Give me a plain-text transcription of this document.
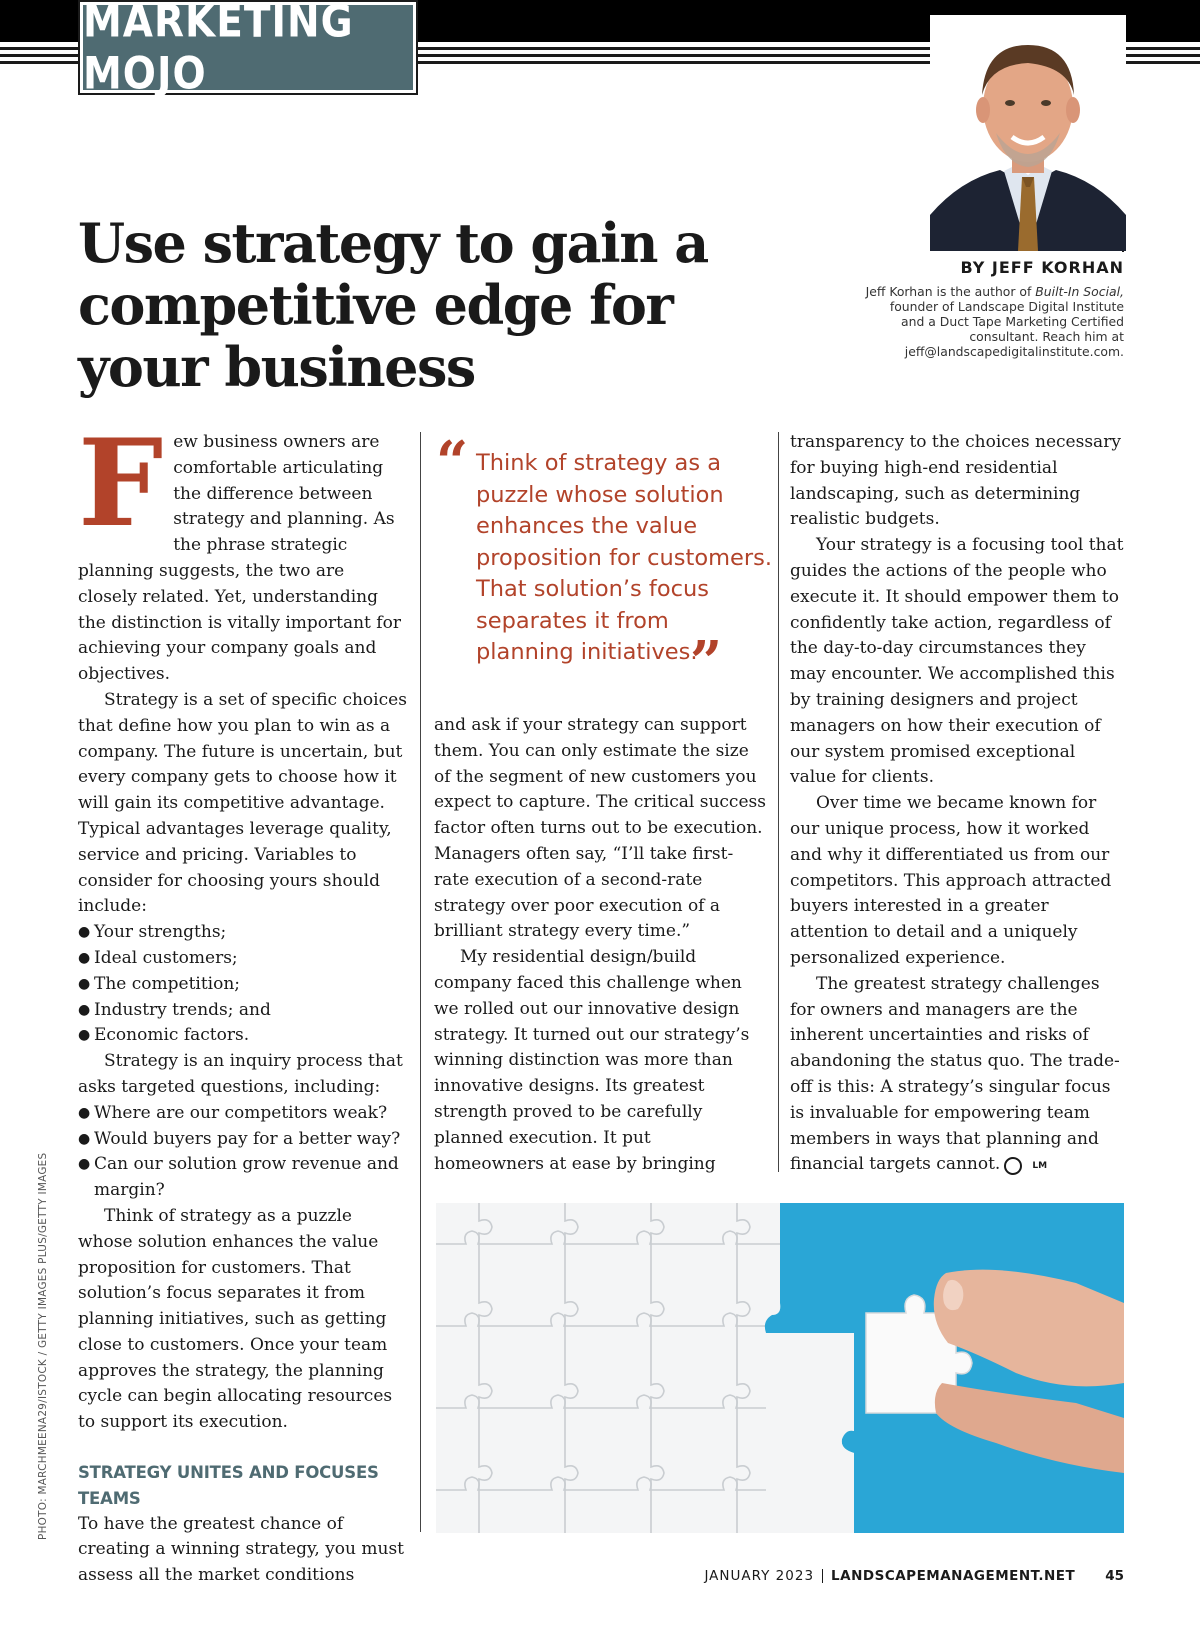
MARKETING MOJO
BY JEFF KORHAN
Jeff Korhan is the author of Built-In Social, founder of Landscape Digital Institute and a Duct Tape Marketing Certified consultant. Reach him at jeff@landscapedigitalinstitute.com.
Use strategy to gain a competitive edge for your business
F ew business owners are comfortable articulating the difference between strategy and planning. As the phrase strategic planning suggests, the two are closely related. Yet, understanding the distinction is vitally important for achieving your company goals and objectives.

Strategy is a set of specific choices that define how you plan to win as a company. The future is uncertain, but every company gets to choose how it will gain its competitive advantage. Typical advantages leverage quality, service and pricing. Variables to consider for choosing yours should include:

● Your strengths;
● Ideal customers;
● The competition;
● Industry trends; and
● Economic factors.

Strategy is an inquiry process that asks targeted questions, including:

● Where are our competitors weak?
● Would buyers pay for a better way?
● Can our solution grow revenue and margin?

Think of strategy as a puzzle whose solution enhances the value proposition for customers. That solution’s focus separates it from planning initiatives, such as getting close to customers. Once your team approves the strategy, the planning cycle can begin allocating resources to support its execution.

STRATEGY UNITES AND FOCUSES TEAMS

To have the greatest chance of creating a winning strategy, you must assess all the market conditions

“ Think of strategy as a puzzle whose solution enhances the value proposition for customers. That solution’s focus separates it from planning initiatives.
”

and ask if your strategy can support them. You can only estimate the size of the segment of new customers you expect to capture. The critical success factor often turns out to be execution. Managers often say, “I’ll take first-rate execution of a second-rate strategy over poor execution of a brilliant strategy every time.”

My residential design/build company faced this challenge when we rolled out our innovative design strategy. It turned out our strategy’s winning distinction was more than innovative designs. Its greatest strength proved to be carefully planned execution. It put homeowners at ease by bringing

transparency to the choices necessary for buying high-end residential landscaping, such as determining realistic budgets.

Your strategy is a focusing tool that guides the actions of the people who execute it. It should empower them to confidently take action, regardless of the day-to-day circumstances they may encounter. We accomplished this by training designers and project managers on how their execution of our system promised exceptional value for clients.

Over time we became known for our unique process, how it worked and why it differentiated us from our competitors. This approach attracted buyers interested in a greater attention to detail and a uniquely personalized experience.

The greatest strategy challenges for owners and managers are the inherent uncertainties and risks of abandoning the status quo. The trade-off is this: A strategy’s singular focus is invaluable for empowering team members in ways that planning and financial targets cannot.	LM

PHOTO: MARCHMEENA29/ISTOCK / GETTY IMAGES PLUS/GETTY IMAGES
JANUARY 2023 LANDSCAPEMANAGEMENT.NET 45
